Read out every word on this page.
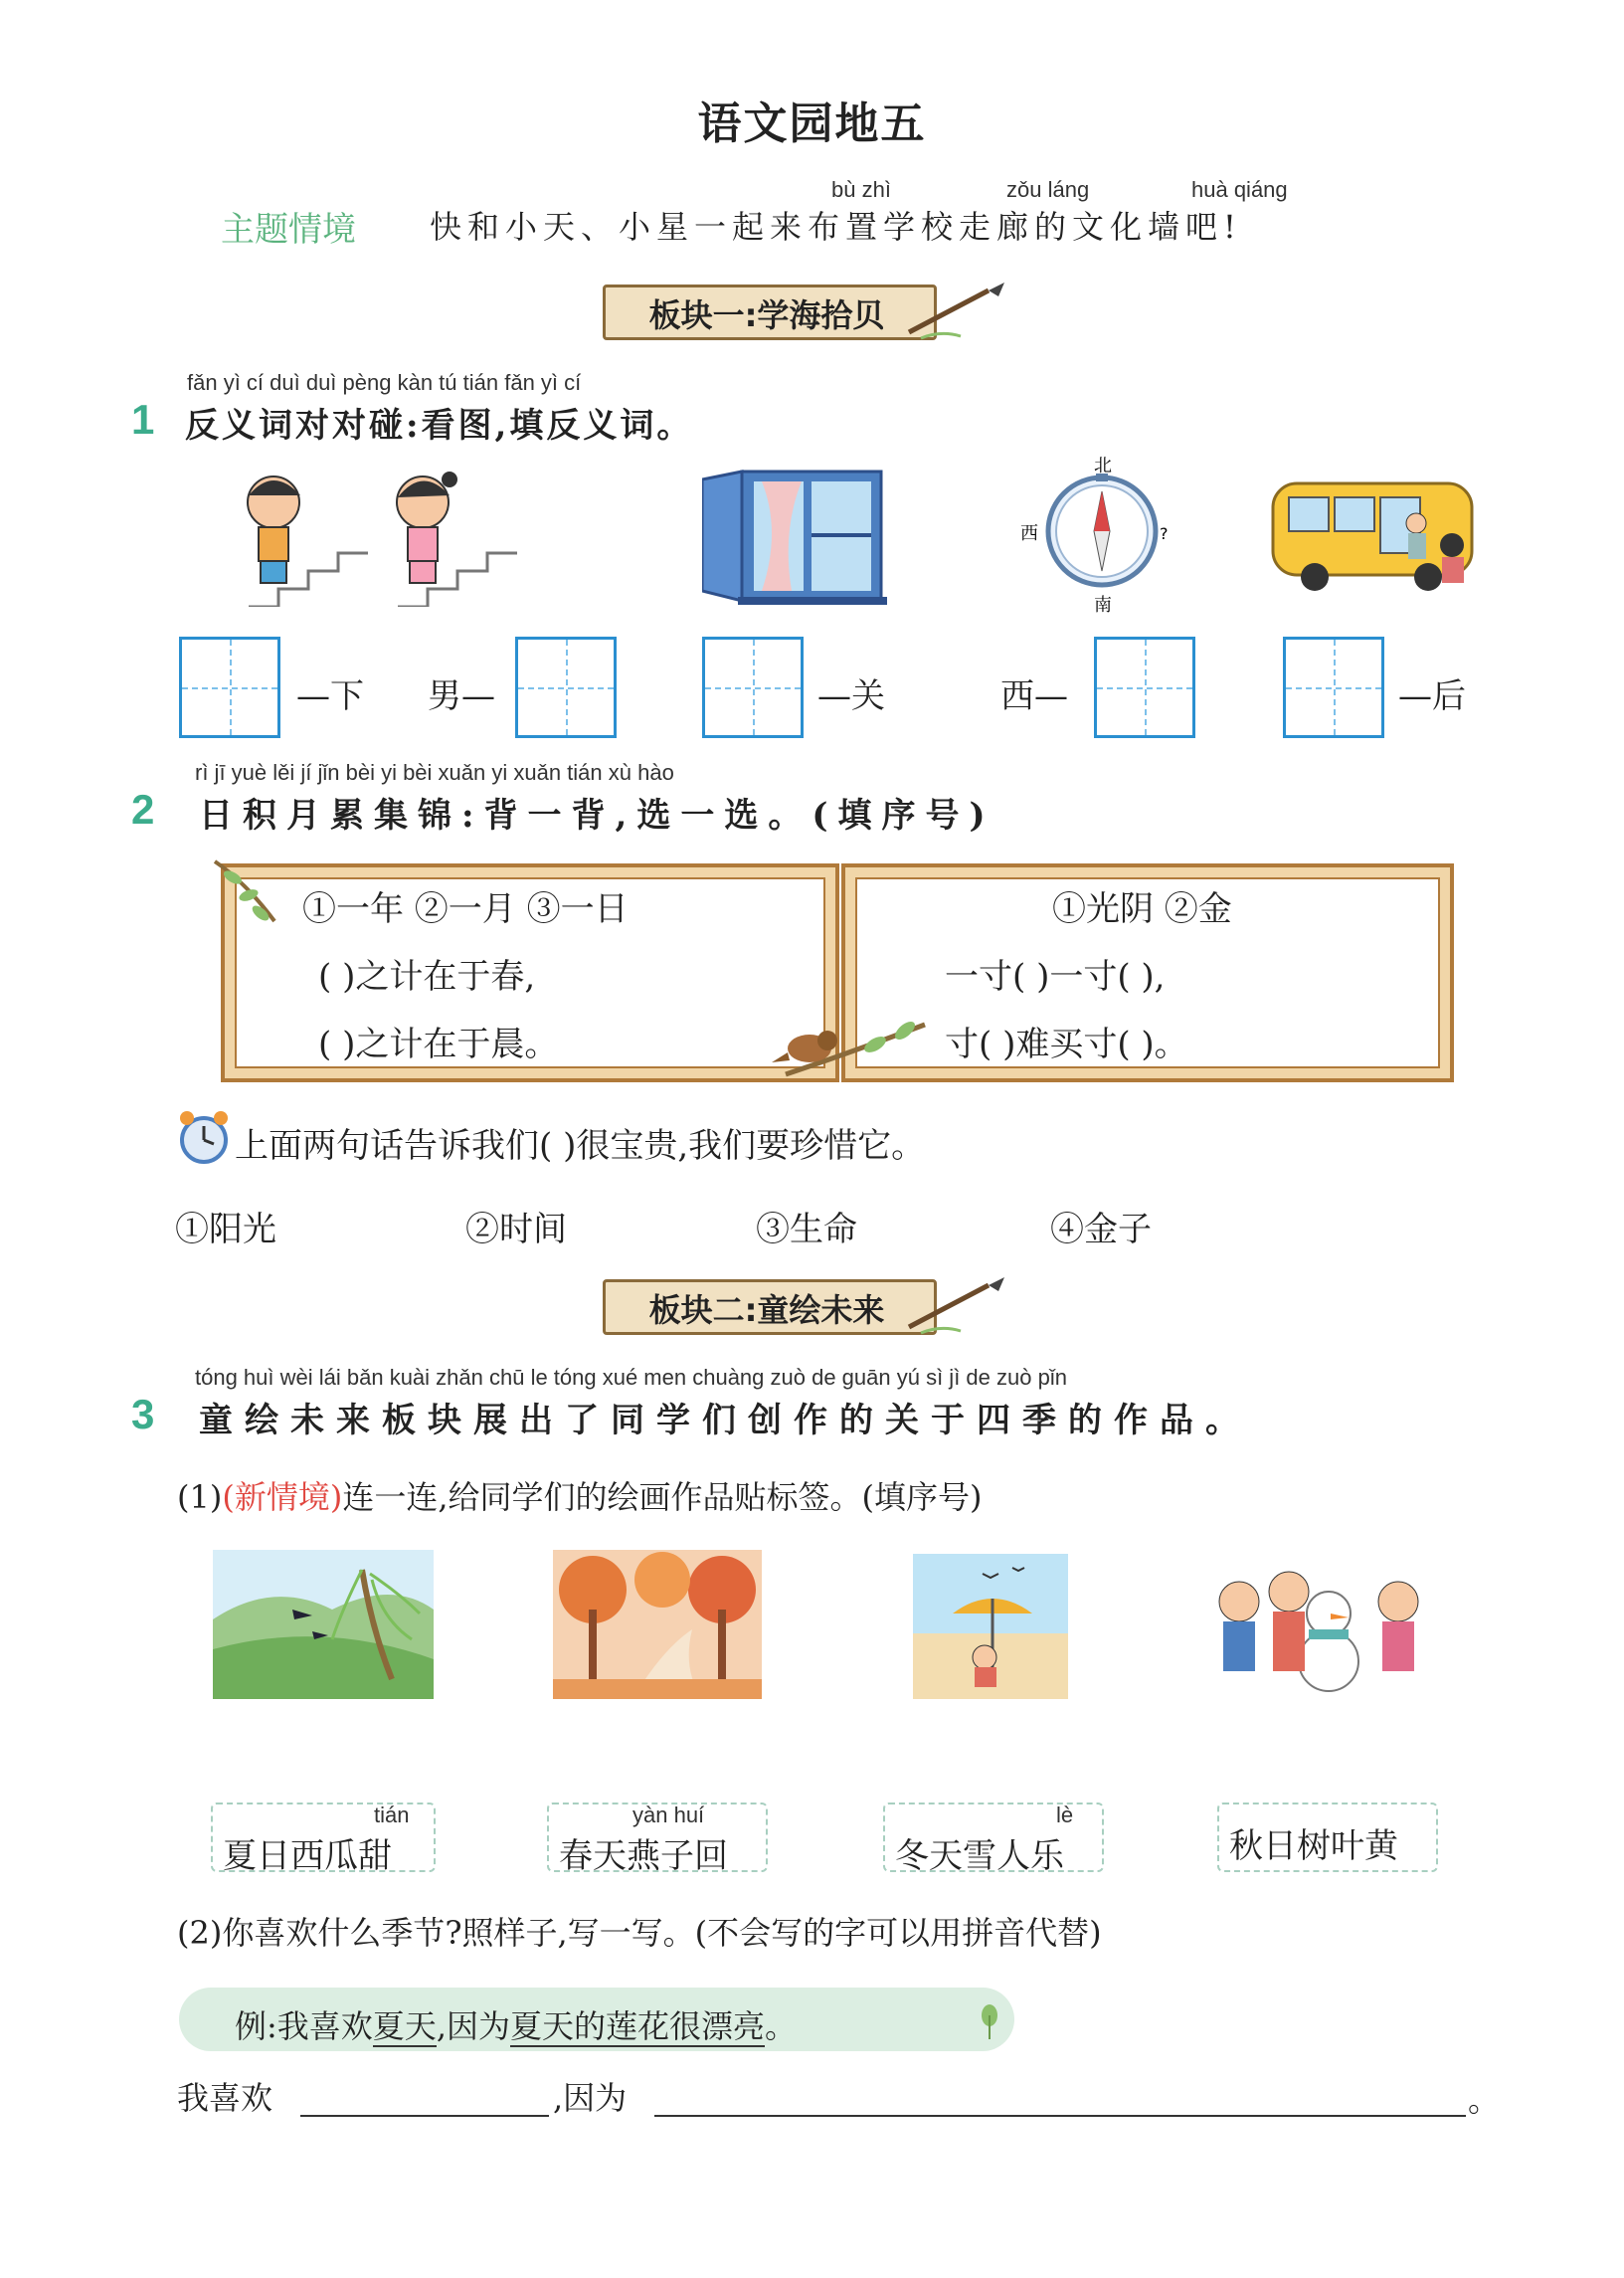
语文园地五
bù zhì	zǒu láng	huà qiáng
主题情境 快和小天、小星一起来布置学校走廊的文化墙吧!
板块一:学海拾贝
fǎn yì cí duì duì pèng kàn tú tián fǎn yì cí
1 反义词对对碰:看图,填反义词。
北
西	?
南
—下 男—	—关	西—	—后
rì jī yuè lěi jí jǐn bèi yi bèi xuǎn yi xuǎn tián xù hào
2 日积月累集锦:背一背,选一选。(填序号)
①一年 ②一月 ③一日
( )之计在于春,
( )之计在于晨。
①光阴 ②金
一寸( )一寸( ),
寸( )难买寸( )。
上面两句话告诉我们( )很宝贵,我们要珍惜它。
①阳光	②时间	③生命	④金子
板块二:童绘未来
tóng huì wèi lái bǎn kuài zhǎn chū le tóng xué men chuàng zuò de guān yú sì jì de zuò pǐn
3 童绘未来板块展出了同学们创作的关于四季的作品。
(1)(新情境)连一连,给同学们的绘画作品贴标签。(填序号)
tián
夏日西瓜甜
yàn huí
春天燕子回
lè
冬天雪人乐	秋日树叶黄
(2)你喜欢什么季节?照样子,写一写。(不会写的字可以用拼音代替)
例:我喜欢夏天,因为夏天的莲花很漂亮。
我喜欢	,因为	。
